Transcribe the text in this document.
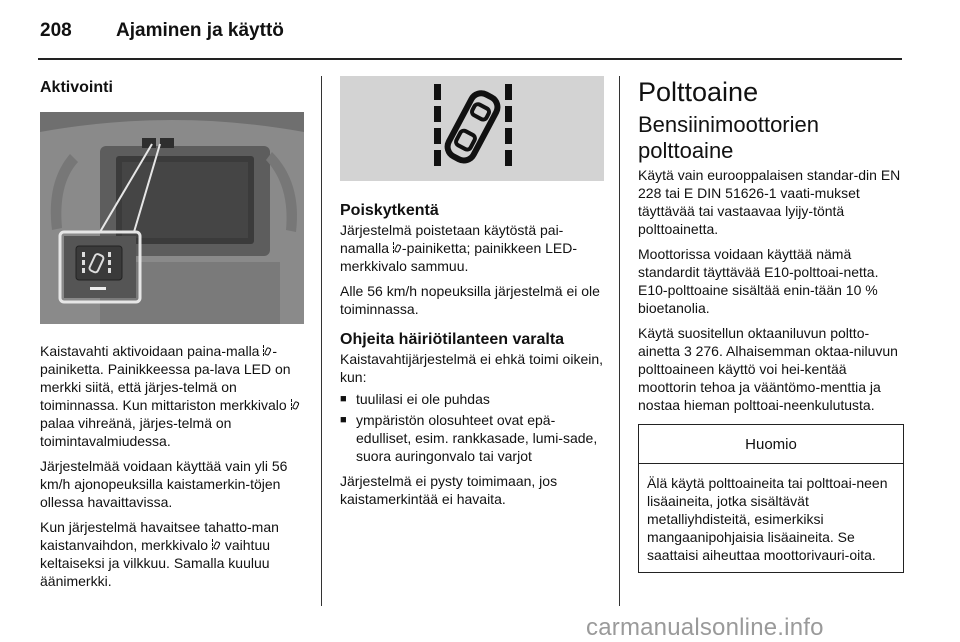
208 Ajaminen ja käyttö
Aktivointi

Kaistavahti aktivoidaan paina-malla -painiketta. Painikkeessa pa-lava LED on merkki siitä, että järjes-telmä on toiminnassa. Kun mittariston merkkivalo  palaa vihreänä, järjes-telmä on toimintavalmiudessa.

Järjestelmää voidaan käyttää vain yli 56 km/h ajonopeuksilla kaistamerkin-töjen ollessa havaittavissa.

Kun järjestelmä havaitsee tahatto-man kaistanvaihdon, merkkivalo  vaihtuu keltaiseksi ja vilkkuu. Samalla kuuluu äänimerkki.

Poiskytkentä

Järjestelmä poistetaan käytöstä pai-namalla -painiketta; painikkeen LED-merkkivalo sammuu.

Alle 56 km/h nopeuksilla järjestelmä ei ole toiminnassa.

Ohjeita häiriötilanteen varalta

Kaistavahtijärjestelmä ei ehkä toimi oikein, kun:

■ tuulilasi ei ole puhdas
■ ympäristön olosuhteet ovat epä-edulliset, esim. rankkasade, lumi-sade, suora auringonvalo tai varjot

Järjestelmä ei pysty toimimaan, jos kaistamerkintää ei havaita.

Polttoaine
Bensiinimoottorien polttoaine

Käytä vain eurooppalaisen standar-din EN 228 tai E DIN 51626-1 vaati-mukset täyttävää tai vastaavaa lyijy-töntä polttoainetta.

Moottorissa voidaan käyttää nämä standardit täyttävää E10-polttoai-netta. E10-polttoaine sisältää enin-tään 10 % bioetanolia.

Käytä suositellun oktaaniluvun poltto-ainetta 3 276. Alhaisemman oktaa-niluvun polttoaineen käyttö voi hei-kentää moottorin tehoa ja vääntömo-menttia ja nostaa hieman polttoai-neenkulutusta.

Huomio
Älä käytä polttoaineita tai polttoai-neen lisäaineita, jotka sisältävät metalliyhdisteitä, esimerkiksi mangaanipohjaisia lisäaineita. Se saattaisi aiheuttaa moottorivauri-oita.
carmanualsonline.info
